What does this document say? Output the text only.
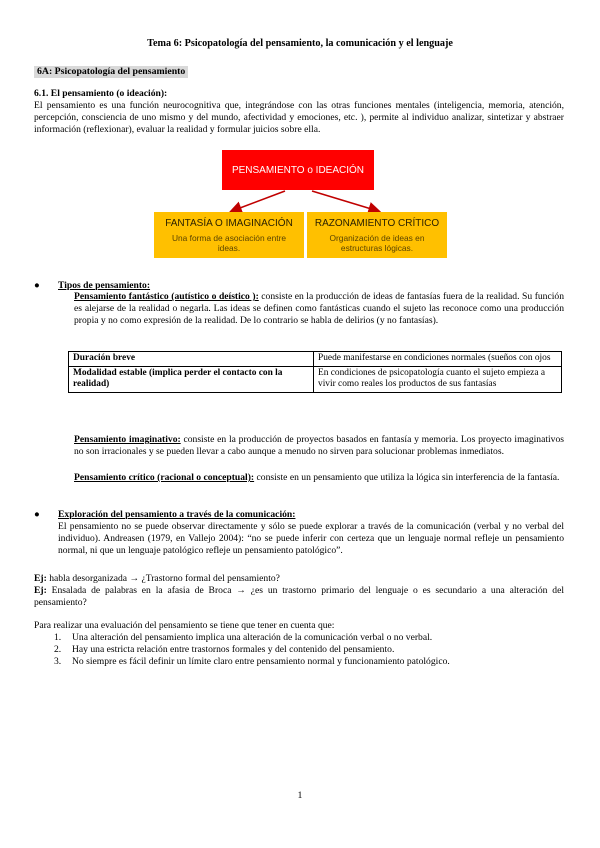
Tema 6: Psicopatología del pensamiento, la comunicación y el lenguaje
6A: Psicopatología del pensamiento
6.1. El pensamiento (o ideación):
El pensamiento es una función neurocognitiva que, integrándose con las otras funciones mentales (inteligencia, memoria, atención, percepción, consciencia de uno mismo y del mundo, afectividad y emociones, etc. ), permite al individuo analizar, sintetizar y abstraer información (reflexionar), evaluar la realidad y formular juicios sobre ella.
PENSAMIENTO o IDEACIÓN
FANTASÍA O IMAGINACIÓN
Una forma de asociación entre ideas.
RAZONAMIENTO CRÍTICO
Organización de ideas en estructuras lógicas.
● Tipos de pensamiento:
Pensamiento fantástico (autístico o deístico ): consiste en la producción de ideas de fantasías fuera de la realidad. Su función es alejarse de la realidad o negarla. Las ideas se definen como fantásticas cuando el sujeto las reconoce como una producción propia y no como expresión de la realidad. De lo contrario se habla de delirios (y no fantasías).
Duración breve	Puede manifestarse en condiciones normales (sueños con ojos
Modalidad estable (implica perder el contacto con la realidad)	En condiciones de psicopatología cuanto el sujeto empieza a vivir como reales los productos de sus fantasías
Pensamiento imaginativo: consiste en la producción de proyectos basados en fantasía y memoria. Los proyecto imaginativos no son irracionales y se pueden llevar a cabo aunque a menudo no sirven para solucionar problemas inmediatos.
Pensamiento crítico (racional o conceptual): consiste en un pensamiento que utiliza la lógica sin interferencia de la fantasía.
● Exploración del pensamiento a través de la comunicación:
El pensamiento no se puede observar directamente y sólo se puede explorar a través de la comunicación (verbal y no verbal del individuo). Andreasen (1979, en Vallejo 2004): “no se puede inferir con certeza que un lenguaje normal refleje un pensamiento normal, ni que un lenguaje patológico refleje un pensamiento patológico”.
Ej: habla desorganizada → ¿Trastorno formal del pensamiento?
Ej: Ensalada de palabras en la afasia de Broca → ¿es un trastorno primario del lenguaje o es secundario a una alteración del pensamiento?
Para realizar una evaluación del pensamiento se tiene que tener en cuenta que:
1. Una alteración del pensamiento implica una alteración de la comunicación verbal o no verbal.
2. Hay una estricta relación entre trastornos formales y del contenido del pensamiento.
3. No siempre es fácil definir un límite claro entre pensamiento normal y funcionamiento patológico.
1
